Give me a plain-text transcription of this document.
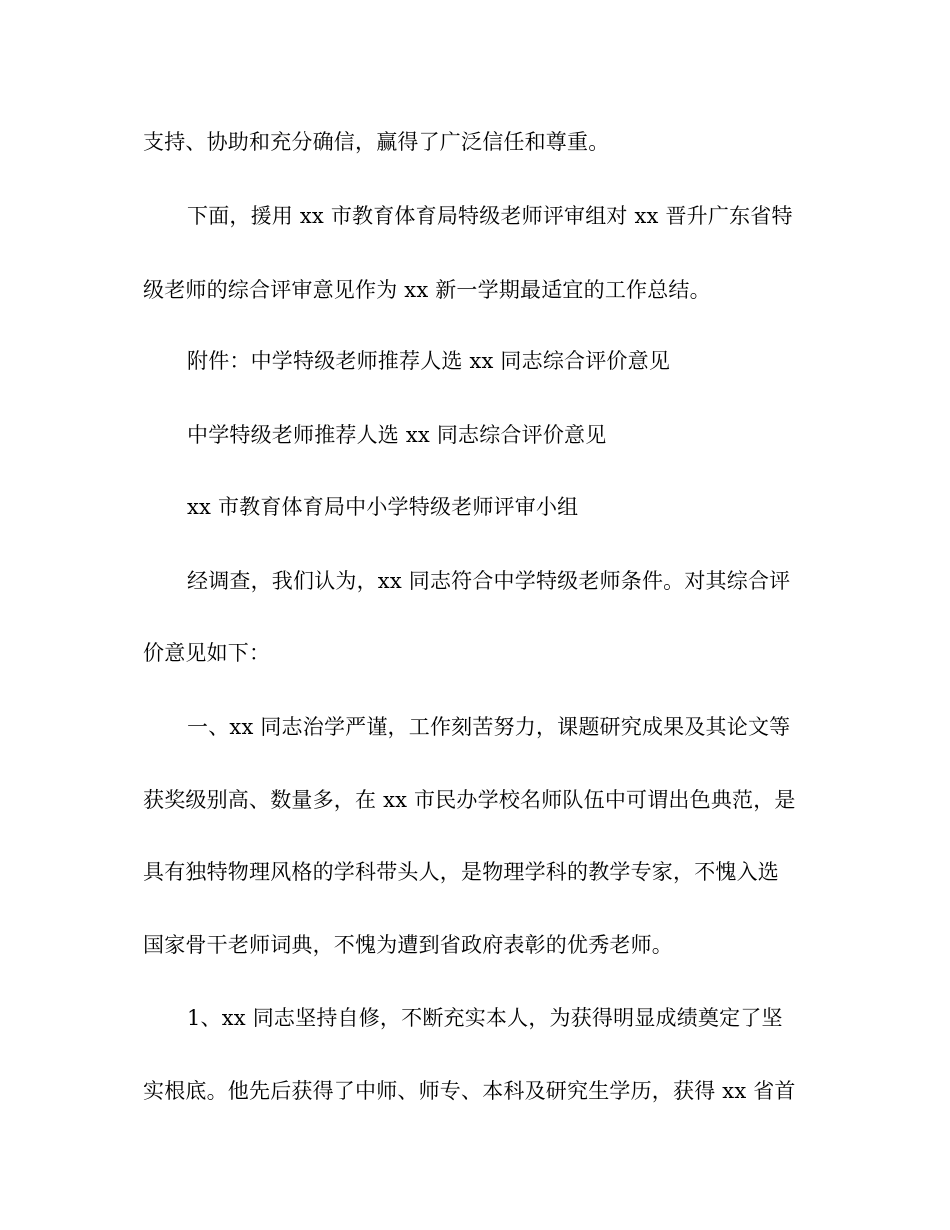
支持、协助和充分确信，赢得了广泛信任和尊重。

下面，援用 xx 市教育体育局特级老师评审组对 xx 晋升广东省特

级老师的综合评审意见作为 xx 新一学期最适宜的工作总结。

附件：中学特级老师推荐人选 xx 同志综合评价意见

中学特级老师推荐人选 xx 同志综合评价意见

xx 市教育体育局中小学特级老师评审小组

经调查，我们认为，xx 同志符合中学特级老师条件。对其综合评

价意见如下：

一、xx 同志治学严谨，工作刻苦努力，课题研究成果及其论文等

获奖级别高、数量多，在 xx 市民办学校名师队伍中可谓出色典范，是

具有独特物理风格的学科带头人，是物理学科的教学专家，不愧入选

国家骨干老师词典，不愧为遭到省政府表彰的优秀老师。

1、xx 同志坚持自修，不断充实本人，为获得明显成绩奠定了坚

实根底。他先后获得了中师、师专、本科及研究生学历，获得 xx 省首
